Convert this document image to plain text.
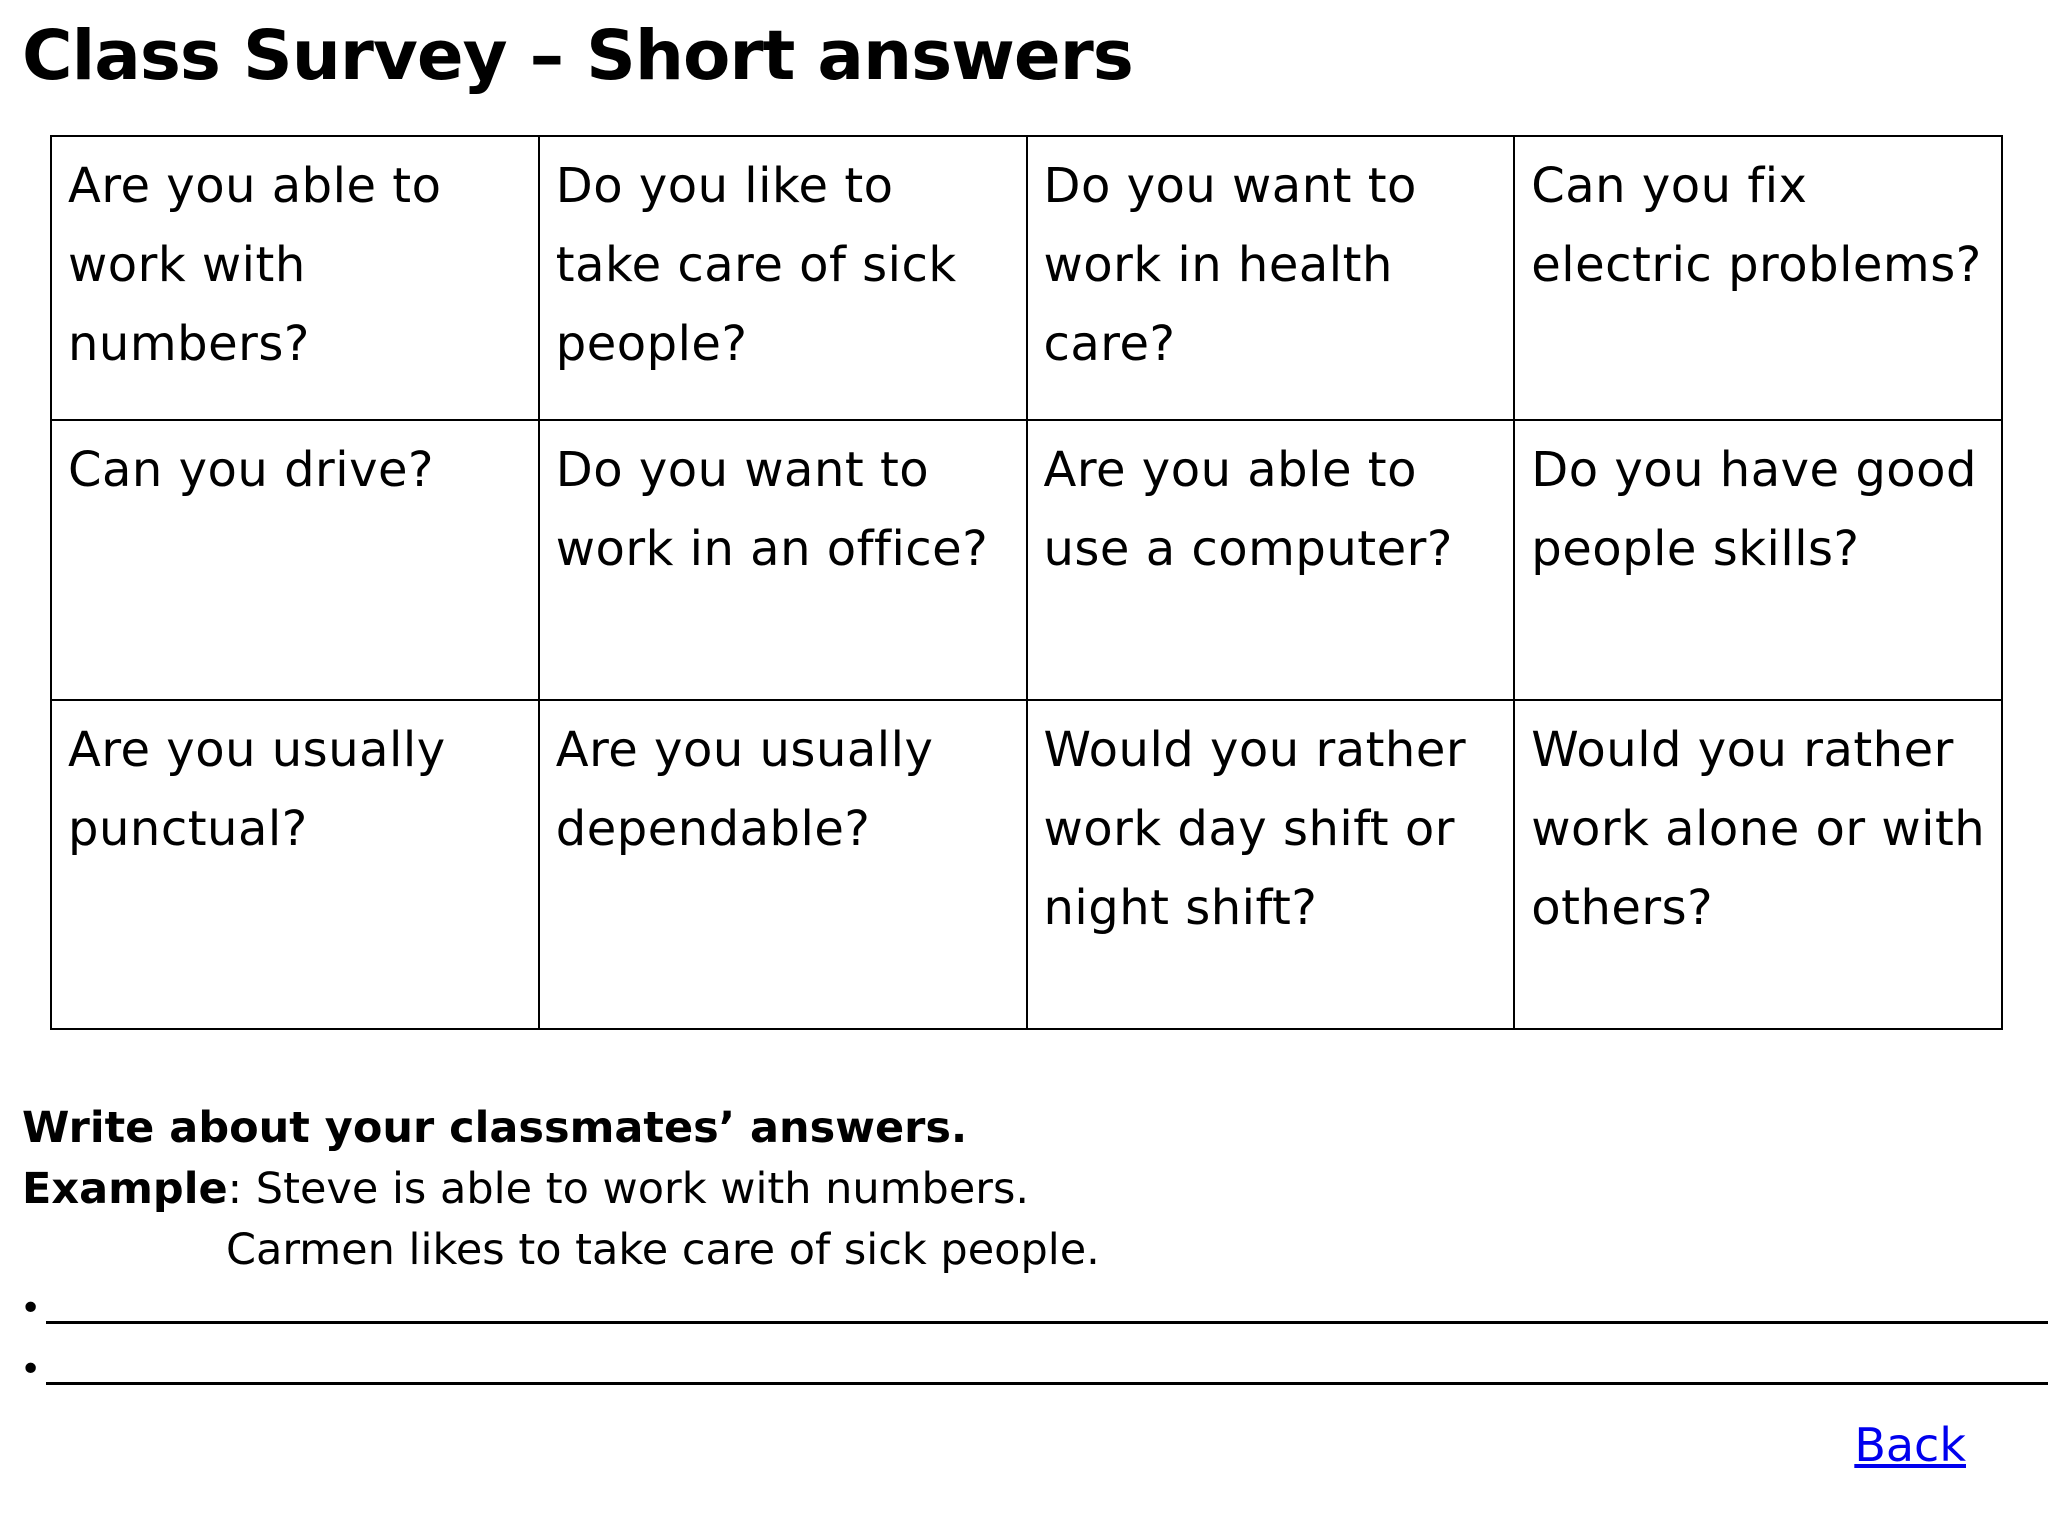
Class Survey – Short answers
Are you able to work with numbers?	Do you like to take care of sick people?	Do you want to work in health care?	Can you fix electric problems?
Can you drive?	Do you want to work in an office?	Are you able to use a computer?	Do you have good people skills?
Are you usually punctual?	Are you usually dependable?	Would you rather work day shift or night shift?	Would you rather work alone or with others?
Write about your classmates’ answers.
Example: Steve is able to work with numbers.
Carmen likes to take care of sick people.
•
•
Back
